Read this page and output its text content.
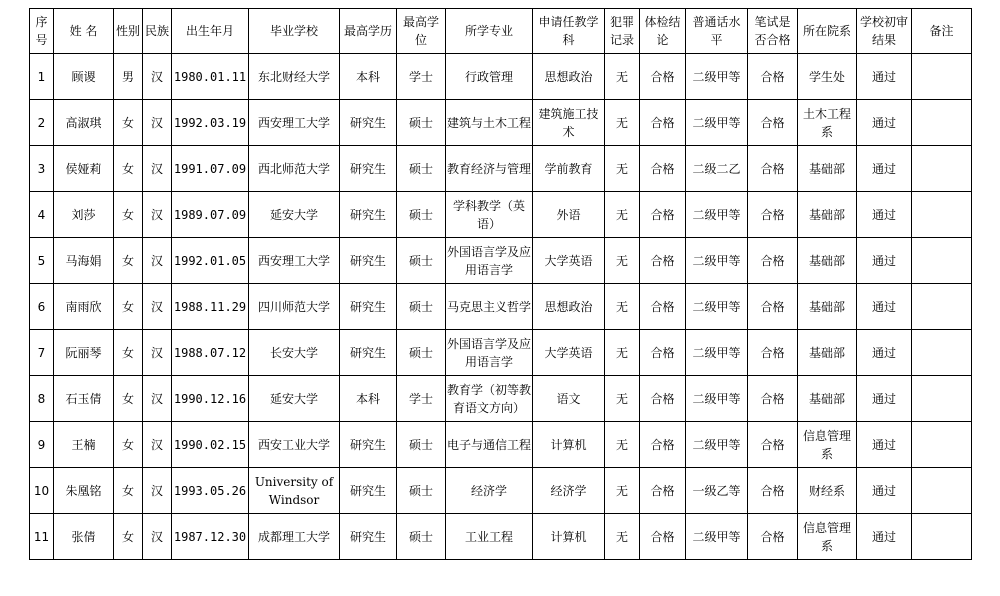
序号	姓 名	性别	民族	出生年月	毕业学校	最高学历	最高学位	所学专业	申请任教学科	犯罪记录	体检结论	普通话水 平	笔试是否合格	所在院系	学校初审结果	备注
1	顾谡	男	汉	1980.01.11	东北财经大学	本科	学士	行政管理	思想政治	无	合格	二级甲等	合格	学生处	通过	
2	高淑琪	女	汉	1992.03.19	西安理工大学	研究生	硕士	建筑与土木工程	建筑施工技术	无	合格	二级甲等	合格	土木工程系	通过	
3	侯娅莉	女	汉	1991.07.09	西北师范大学	研究生	硕士	教育经济与管理	学前教育	无	合格	二级二乙	合格	基础部	通过	
4	刘莎	女	汉	1989.07.09	延安大学	研究生	硕士	学科教学（英语）	外语	无	合格	二级甲等	合格	基础部	通过	
5	马海娟	女	汉	1992.01.05	西安理工大学	研究生	硕士	外国语言学及应用语言学	大学英语	无	合格	二级甲等	合格	基础部	通过	
6	南雨欣	女	汉	1988.11.29	四川师范大学	研究生	硕士	马克思主义哲学	思想政治	无	合格	二级甲等	合格	基础部	通过	
7	阮丽琴	女	汉	1988.07.12	长安大学	研究生	硕士	外国语言学及应用语言学	大学英语	无	合格	二级甲等	合格	基础部	通过	
8	石玉倩	女	汉	1990.12.16	延安大学	本科	学士	教育学（初等教育语文方向）	语文	无	合格	二级甲等	合格	基础部	通过	
9	王楠	女	汉	1990.02.15	西安工业大学	研究生	硕士	电子与通信工程	计算机	无	合格	二级甲等	合格	信息管理系	通过	
10	朱凰铭	女	汉	1993.05.26	University of Windsor	研究生	硕士	经济学	经济学	无	合格	一级乙等	合格	财经系	通过	
11	张倩	女	汉	1987.12.30	成都理工大学	研究生	硕士	工业工程	计算机	无	合格	二级甲等	合格	信息管理系	通过	
